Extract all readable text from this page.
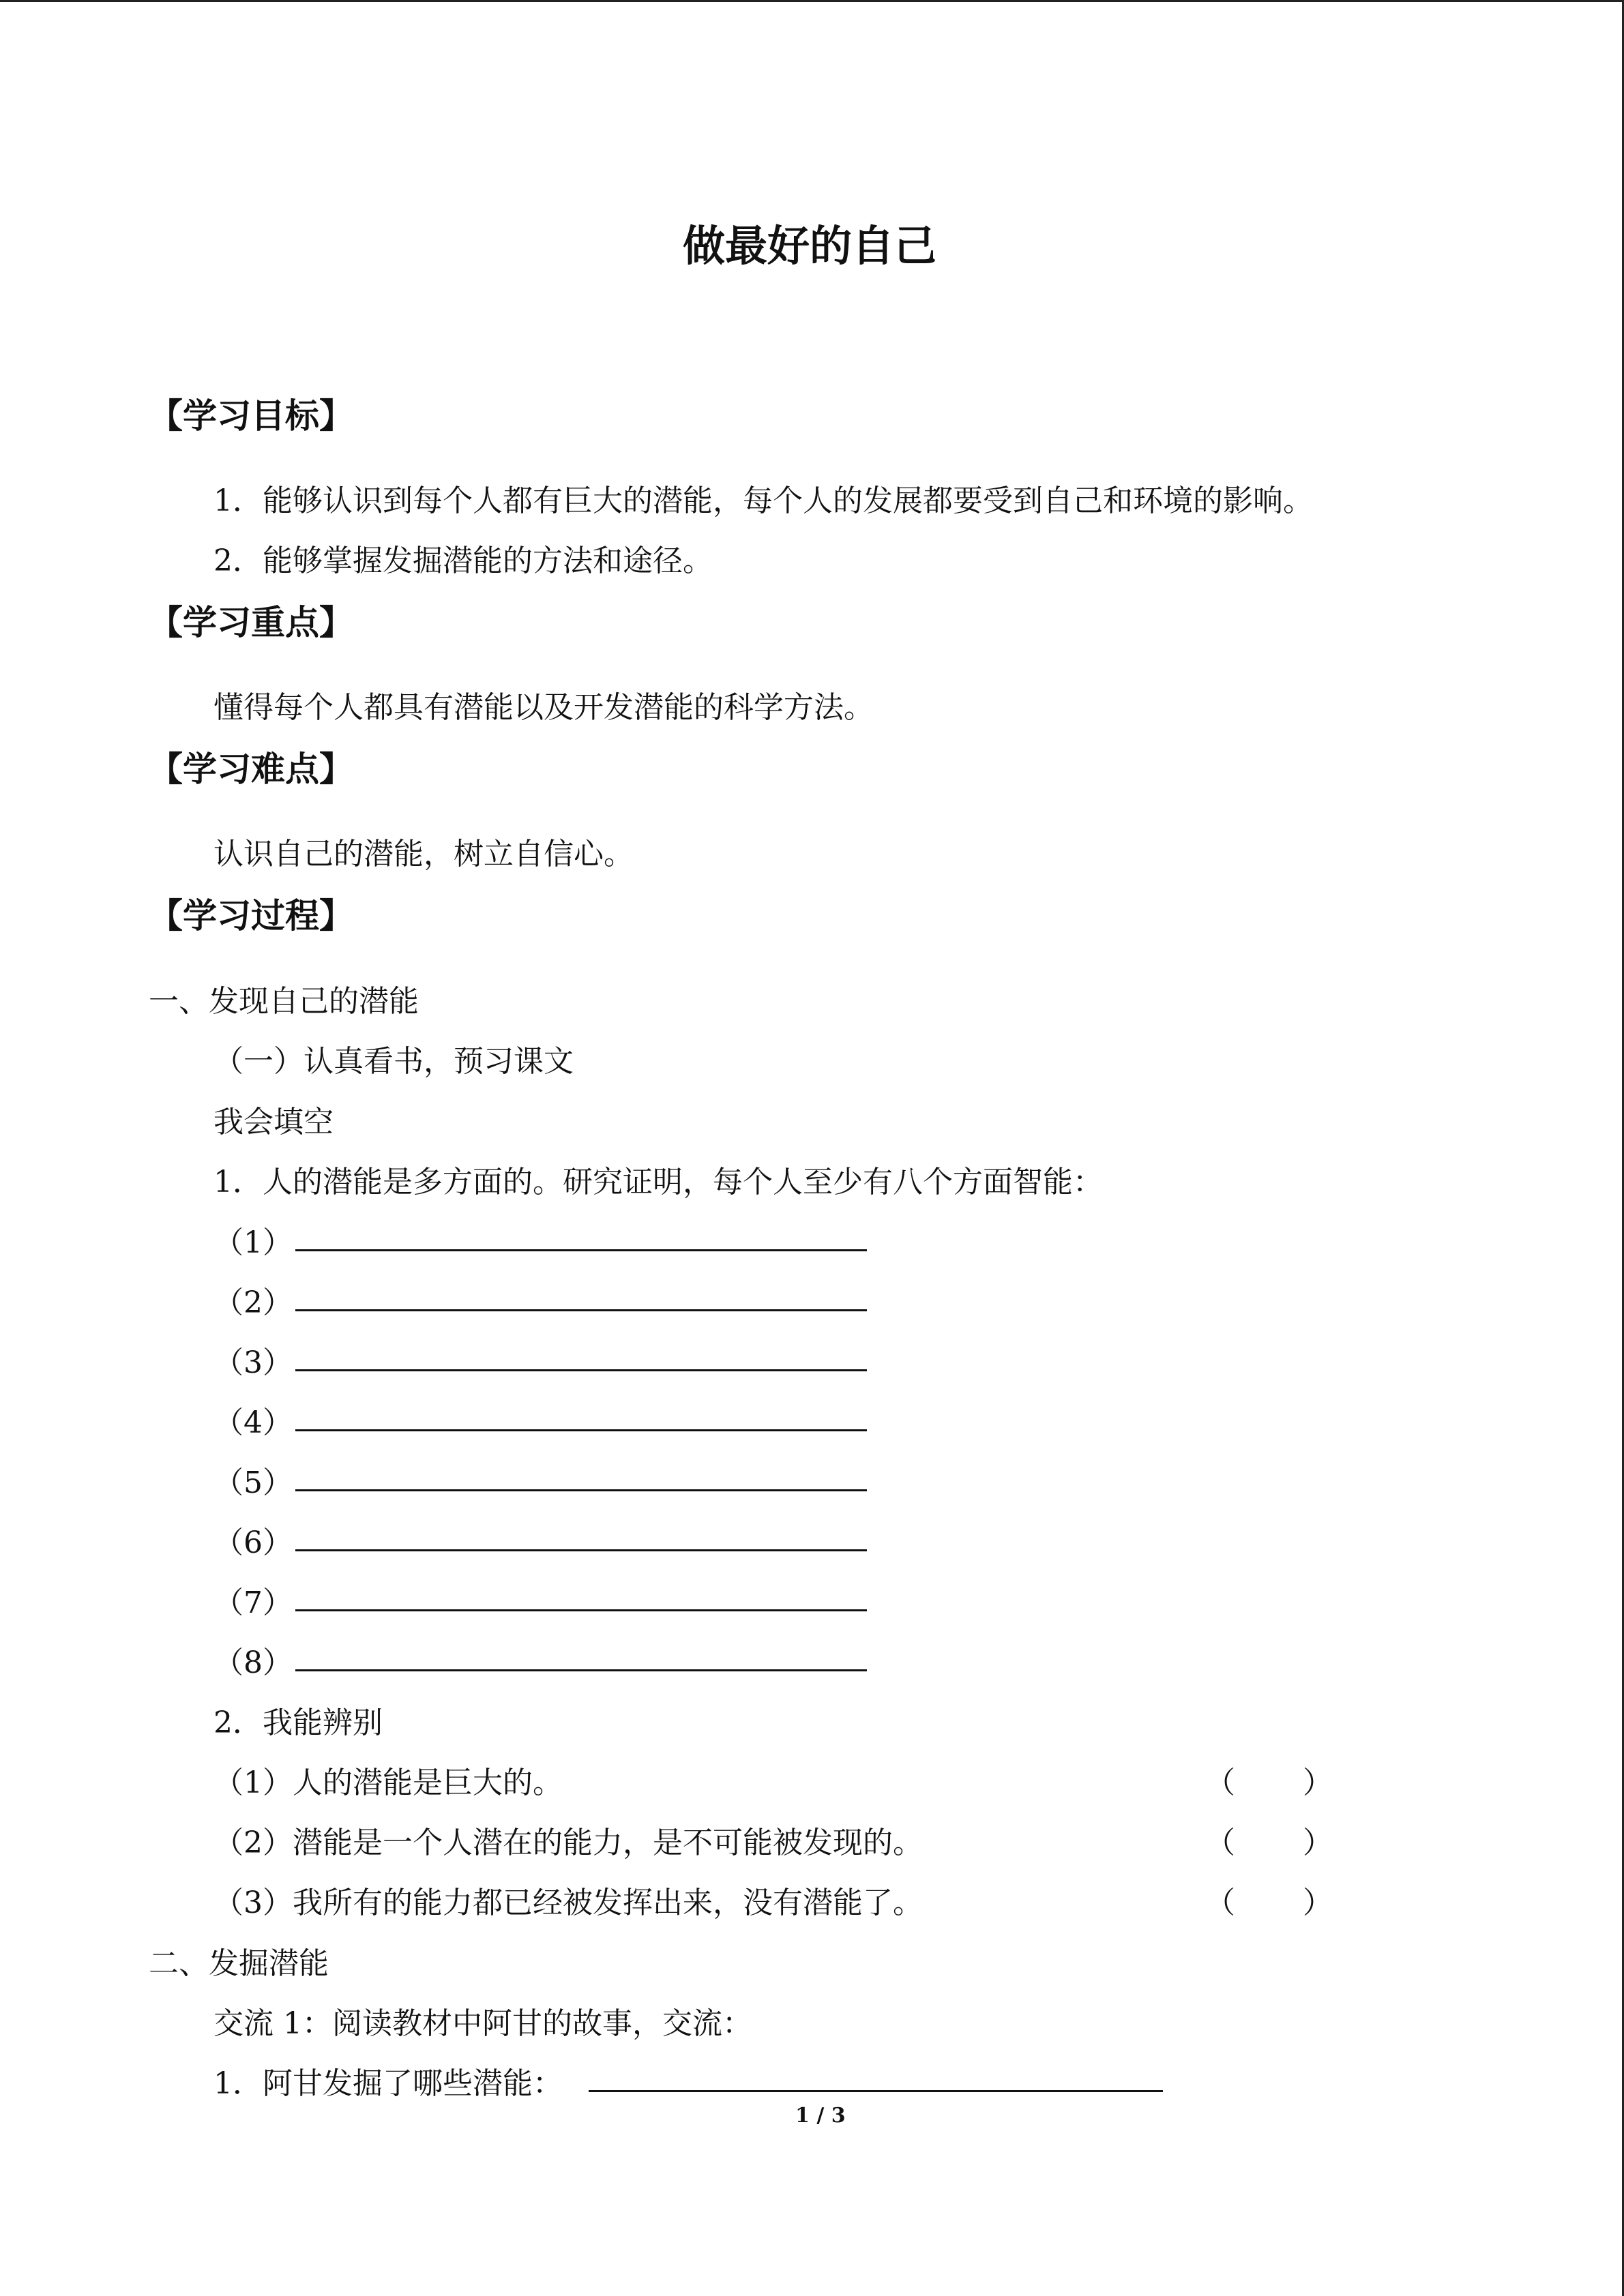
做最好的自己
【学习目标】
1．能够认识到每个人都有巨大的潜能，每个人的发展都要受到自己和环境的影响。
2．能够掌握发掘潜能的方法和途径。
【学习重点】
懂得每个人都具有潜能以及开发潜能的科学方法。
【学习难点】
认识自己的潜能，树立自信心。
【学习过程】
一、发现自己的潜能
（一）认真看书，预习课文
我会填空
1．人的潜能是多方面的。研究证明，每个人至少有八个方面智能：
（1）
（2）
（3）
（4）
（5）
（6）
（7）
（8）
2．我能辨别
（1）人的潜能是巨大的。	（ ）
（2）潜能是一个人潜在的能力，是不可能被发现的。	（ ）
（3）我所有的能力都已经被发挥出来，没有潜能了。	（ ）
二、发掘潜能
交流 1：阅读教材中阿甘的故事，交流：
1．阿甘发掘了哪些潜能：
1 / 3
